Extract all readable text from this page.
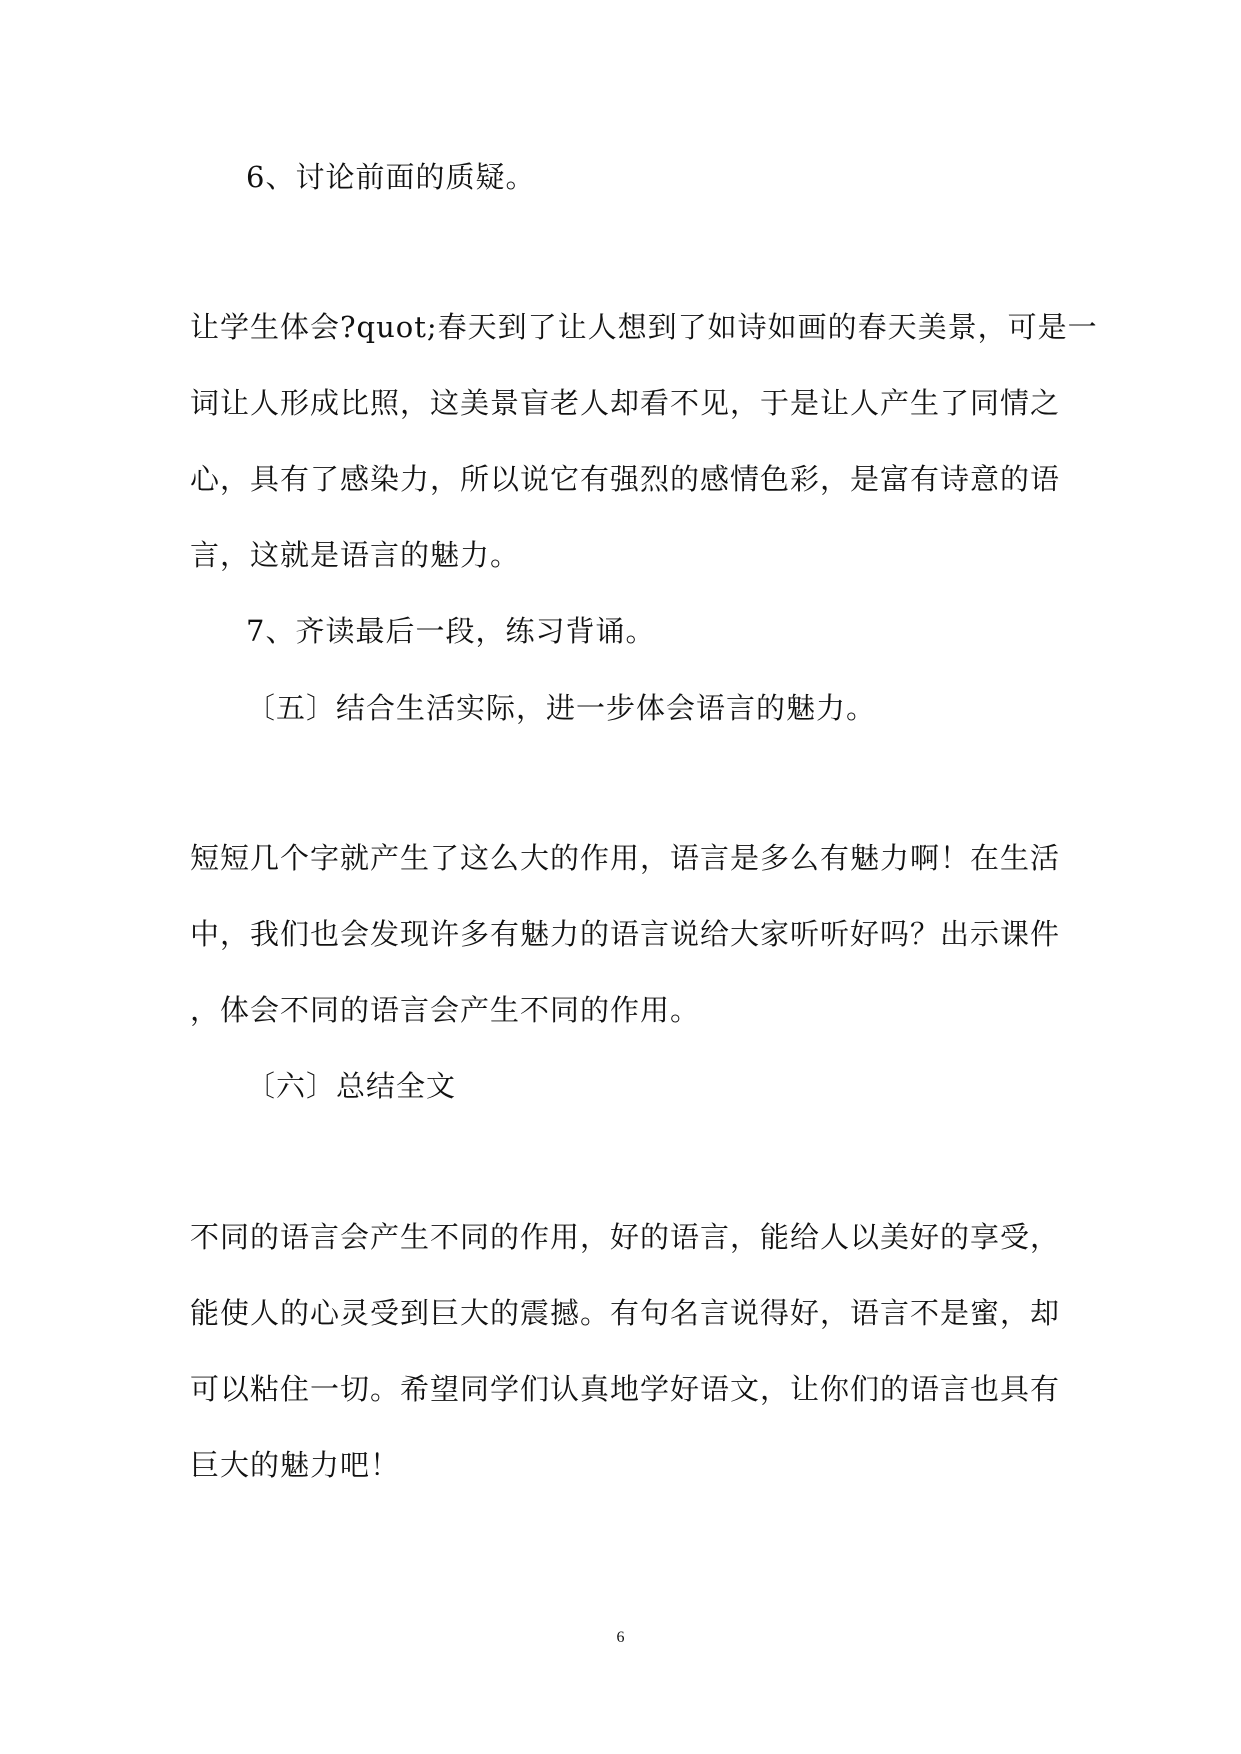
6、讨论前面的质疑。

让学生体会?quot;春天到了让人想到了如诗如画的春天美景，可是一

词让人形成比照，这美景盲老人却看不见，于是让人产生了同情之

心，具有了感染力，所以说它有强烈的感情色彩，是富有诗意的语

言，这就是语言的魅力。

7、齐读最后一段，练习背诵。

〔五〕结合生活实际，进一步体会语言的魅力。

短短几个字就产生了这么大的作用，语言是多么有魅力啊！在生活

中，我们也会发现许多有魅力的语言说给大家听听好吗？出示课件

，体会不同的语言会产生不同的作用。

〔六〕总结全文

不同的语言会产生不同的作用，好的语言，能给人以美好的享受，

能使人的心灵受到巨大的震撼。有句名言说得好，语言不是蜜，却

可以粘住一切。希望同学们认真地学好语文，让你们的语言也具有

巨大的魅力吧！

6
